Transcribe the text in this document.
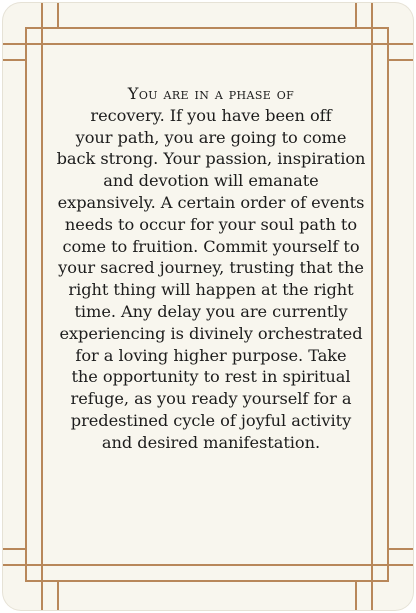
You are in a phase of
recovery. If you have been off
your path, you are going to come
back strong. Your passion, inspiration
and devotion will emanate
expansively. A certain order of events
needs to occur for your soul path to
come to fruition. Commit yourself to
your sacred journey, trusting that the
right thing will happen at the right
time. Any delay you are currently
experiencing is divinely orchestrated
for a loving higher purpose. Take
the opportunity to rest in spiritual
refuge, as you ready yourself for a
predestined cycle of joyful activity
and desired manifestation.
